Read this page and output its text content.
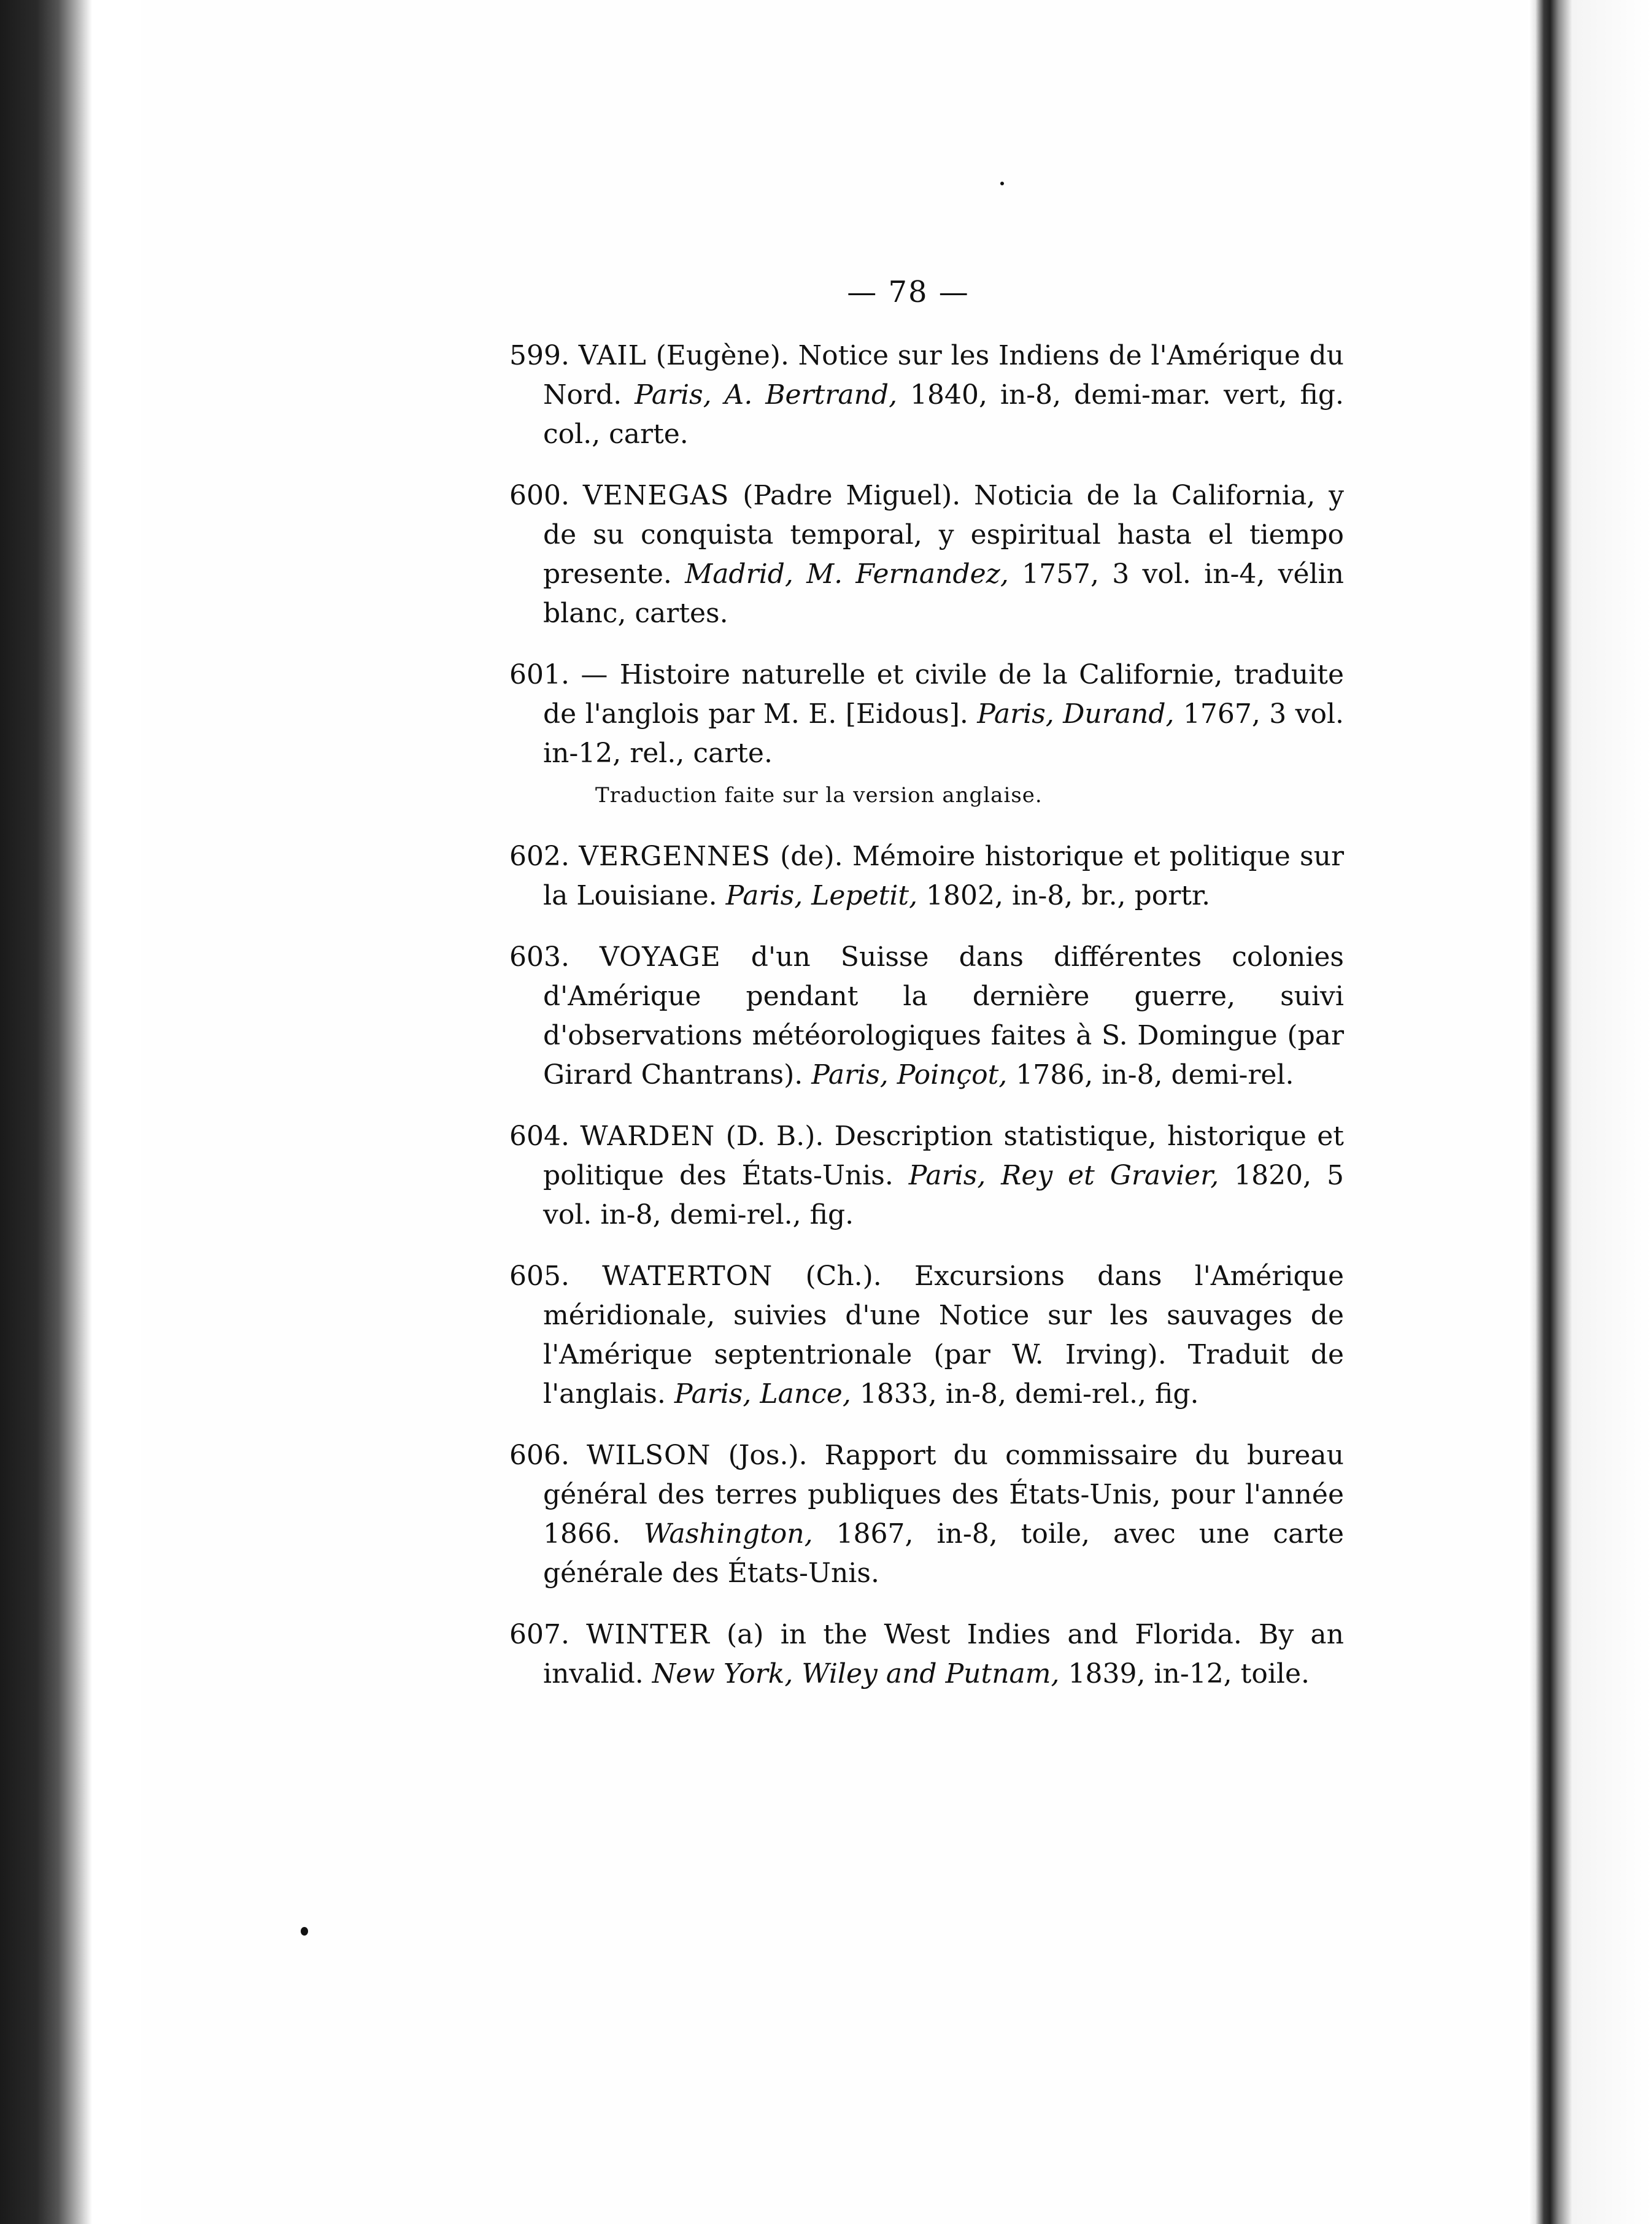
— 78 —
599. VAIL (Eugène). Notice sur les Indiens de l'Amérique du Nord. Paris, A. Bertrand, 1840, in-8, demi-mar. vert, fig. col., carte.
600. VENEGAS (Padre Miguel). Noticia de la California, y de su conquista temporal, y espiritual hasta el tiempo presente. Madrid, M. Fernandez, 1757, 3 vol. in-4, vélin blanc, cartes.
601. — Histoire naturelle et civile de la Californie, traduite de l'anglois par M. E. [Eidous]. Paris, Durand, 1767, 3 vol. in-12, rel., carte.
Traduction faite sur la version anglaise.
602. VERGENNES (de). Mémoire historique et politique sur la Louisiane. Paris, Lepetit, 1802, in-8, br., portr.
603. VOYAGE d'un Suisse dans différentes colonies d'Amérique pendant la dernière guerre, suivi d'observations météorologiques faites à S. Domingue (par Girard Chantrans). Paris, Poinçot, 1786, in-8, demi-rel.
604. WARDEN (D. B.). Description statistique, historique et politique des États-Unis. Paris, Rey et Gravier, 1820, 5 vol. in-8, demi-rel., fig.
605. WATERTON (Ch.). Excursions dans l'Amérique méridionale, suivies d'une Notice sur les sauvages de l'Amérique septentrionale (par W. Irving). Traduit de l'anglais. Paris, Lance, 1833, in-8, demi-rel., fig.
606. WILSON (Jos.). Rapport du commissaire du bureau général des terres publiques des États-Unis, pour l'année 1866. Washington, 1867, in-8, toile, avec une carte générale des États-Unis.
607. WINTER (a) in the West Indies and Florida. By an invalid. New York, Wiley and Putnam, 1839, in-12, toile.
